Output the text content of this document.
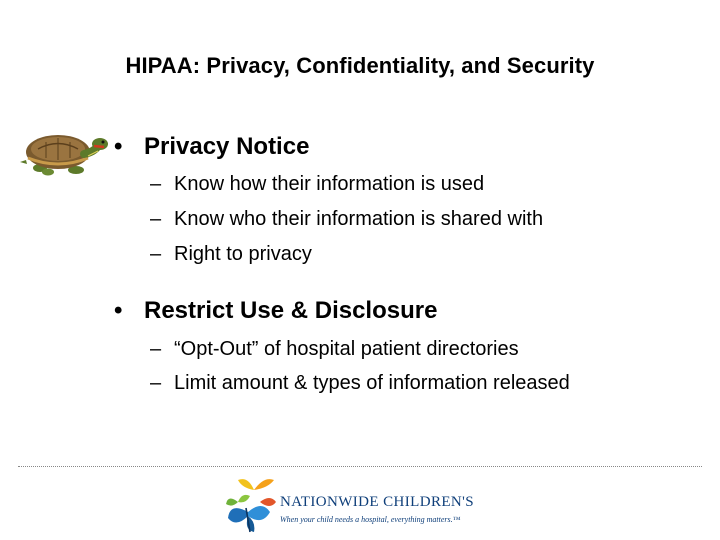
HIPAA: Privacy, Confidentiality, and Security
• Privacy Notice
– Know how their information is used
– Know who their information is shared with
– Right to privacy
• Restrict Use & Disclosure
– “Opt-Out” of hospital patient directories
– Limit amount & types of information released
NATIONWIDE CHILDREN'S
When your child needs a hospital, everything matters.™
